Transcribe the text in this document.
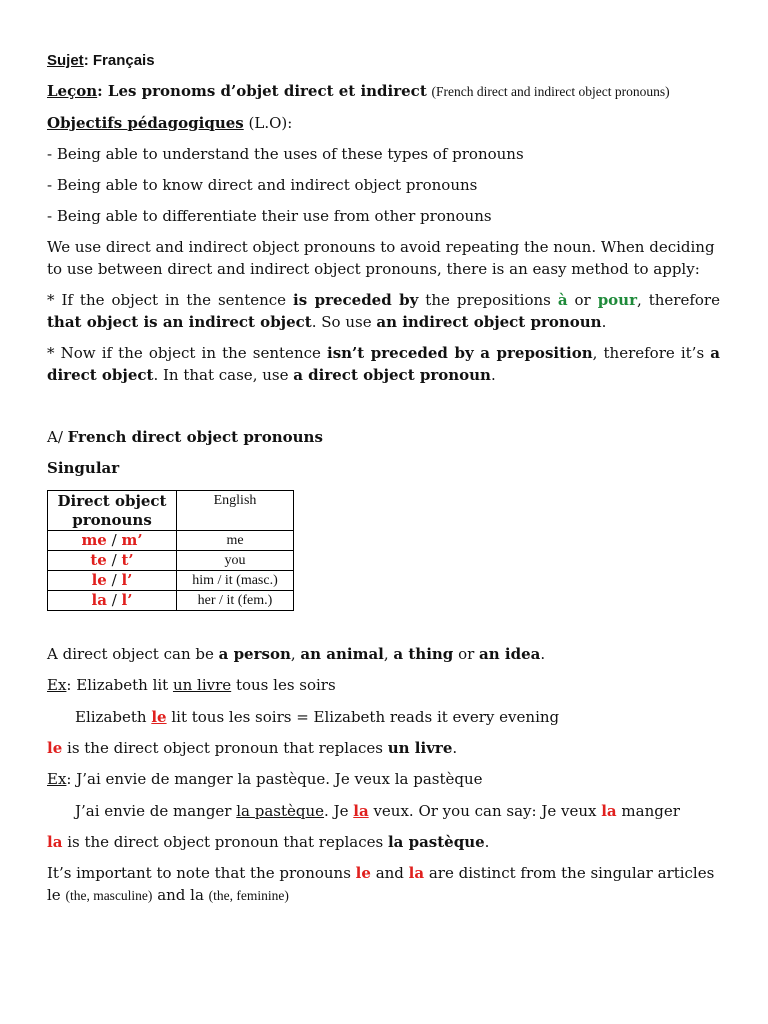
Sujet: Français
Leçon: Les pronoms d’objet direct et indirect (French direct and indirect object pronouns)
Objectifs pédagogiques (L.O):
- Being able to understand the uses of these types of pronouns
- Being able to know direct and indirect object pronouns
- Being able to differentiate their use from other pronouns
We use direct and indirect object pronouns to avoid repeating the noun. When deciding
to use between direct and indirect object pronouns, there is an easy method to apply:
* If the object in the sentence is preceded by the prepositions à or pour, therefore
that object is an indirect object. So use an indirect object pronoun.
* Now if the object in the sentence isn’t preceded by a preposition, therefore it’s a
direct object. In that case, use a direct object pronoun.
A/ French direct object pronouns
Singular
Direct object pronouns	English
me / m’	me
te / t’	you
le / l’	him / it (masc.)
la / l’	her / it (fem.)
A direct object can be a person, an animal, a thing or an idea.
Ex: Elizabeth lit un livre tous les soirs
Elizabeth le lit tous les soirs = Elizabeth reads it every evening
le is the direct object pronoun that replaces un livre.
Ex: J’ai envie de manger la pastèque. Je veux la pastèque
J’ai envie de manger la pastèque. Je la veux. Or you can say: Je veux la manger
la is the direct object pronoun that replaces la pastèque.
It’s important to note that the pronouns le and la are distinct from the singular articles
le (the, masculine) and la (the, feminine)
